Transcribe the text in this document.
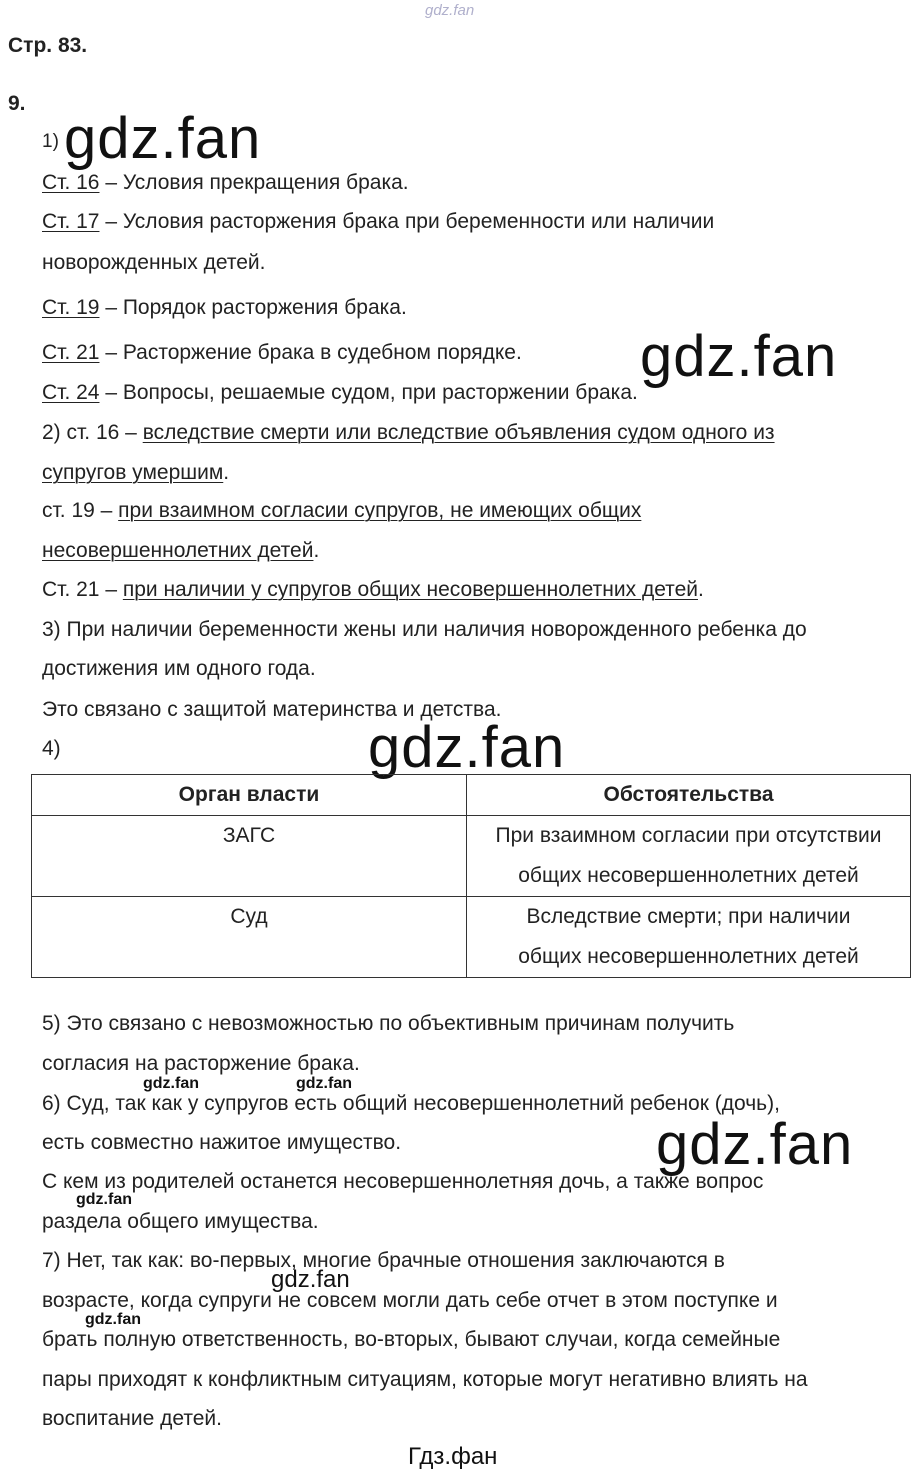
gdz.fan
Стр. 83.
9.
1) gdz.fan
Ст. 16 – Условия прекращения брака.
Ст. 17 – Условия расторжения брака при беременности или наличии
новорожденных детей.
Ст. 19 – Порядок расторжения брака.
Ст. 21 – Расторжение брака в судебном порядке.
Ст. 24 – Вопросы, решаемые судом, при расторжении брака.
gdz.fan
2) ст. 16 – вследствие смерти или вследствие объявления судом одного из
супругов умершим.
ст. 19 – при взаимном согласии супругов, не имеющих общих
несовершеннолетних детей.
Ст. 21 – при наличии у супругов общих несовершеннолетних детей.
3) При наличии беременности жены или наличия новорожденного ребенка до
достижения им одного года.
Это связано с защитой материнства и детства.
4)	gdz.fan
Орган власти	Обстоятельства
ЗАГС	При взаимном согласии при отсутствии
общих несовершеннолетних детей

Суд	Вследствие смерти; при наличии
общих несовершеннолетних детей
5) Это связано с невозможностью по объективным причинам получить
согласия на расторжение брака.
gdz.fan	gdz.fan
6) Суд, так как у супругов есть общий несовершеннолетний ребенок (дочь),
есть совместно нажитое имущество.	gdz.fan
С кем из родителей останется несовершеннолетняя дочь, а также вопрос
gdz.fan
раздела общего имущества.
7) Нет, так как: во-первых, многие брачные отношения заключаются в
gdz.fan
возрасте, когда супруги не совсем могли дать себе отчет в этом поступке и
gdz.fan
брать полную ответственность, во-вторых, бывают случаи, когда семейные
пары приходят к конфликтным ситуациям, которые могут негативно влиять на
воспитание детей.
Гдз.фан
